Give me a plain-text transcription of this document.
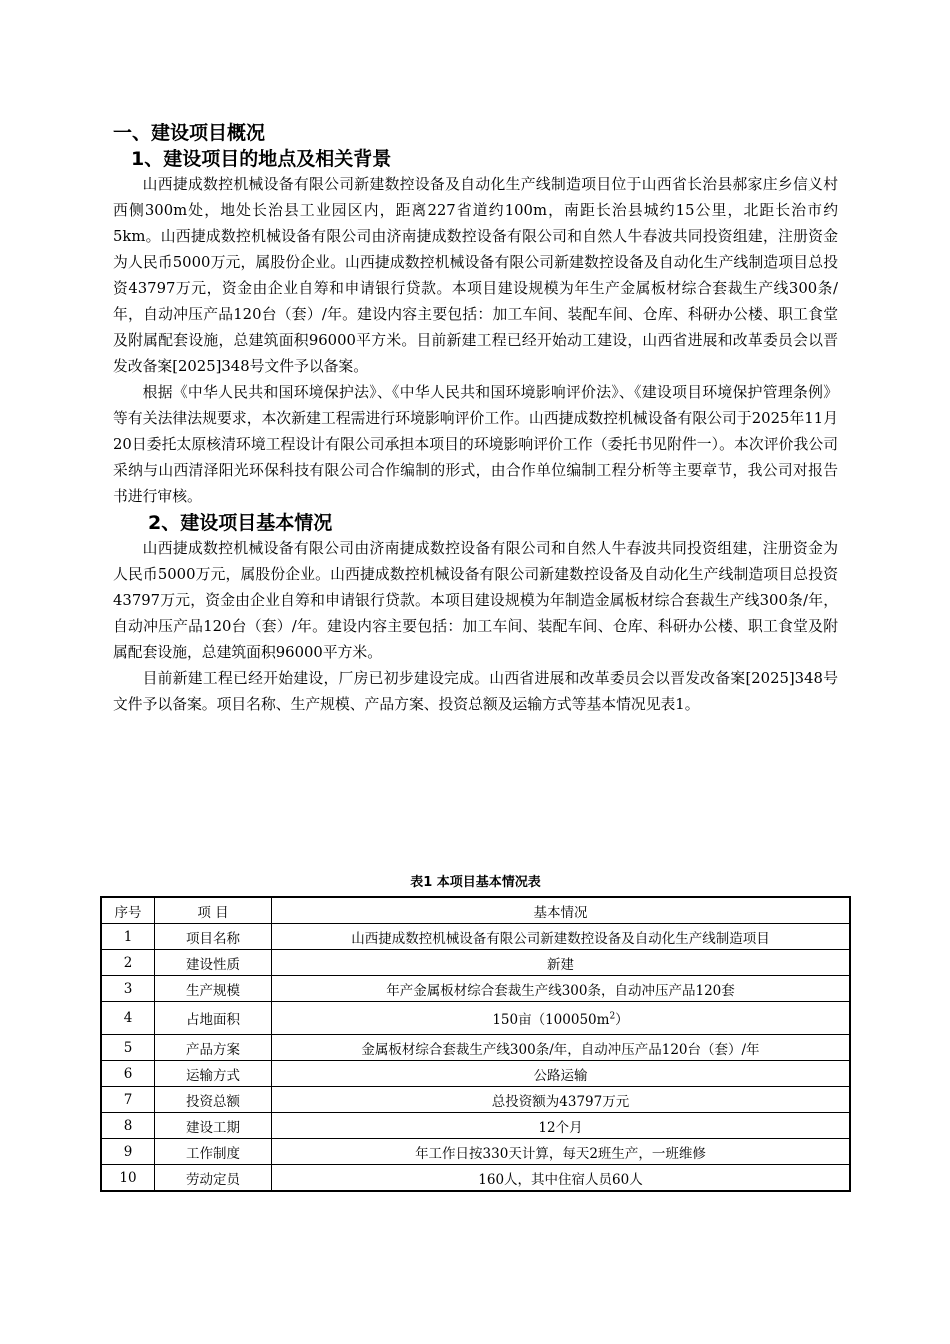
一、建设项目概况
1、建设项目的地点及相关背景

山西捷成数控机械设备有限公司新建数控设备及自动化生产线制造项目位于山西省长治县郝家庄乡信义村西侧300m处，地处长治县工业园区内，距离227省道约100m，南距长治县城约15公里，北距长治市约5km。山西捷成数控机械设备有限公司由济南捷成数控设备有限公司和自然人牛春波共同投资组建，注册资金为人民币5000万元，属股份企业。山西捷成数控机械设备有限公司新建数控设备及自动化生产线制造项目总投资43797万元，资金由企业自筹和申请银行贷款。本项目建设规模为年生产金属板材综合套裁生产线300条/年，自动冲压产品120台（套）/年。建设内容主要包括：加工车间、装配车间、仓库、科研办公楼、职工食堂及附属配套设施，总建筑面积96000平方米。目前新建工程已经开始动工建设，山西省进展和改革委员会以晋发改备案[2025]348号文件予以备案。

根据《中华人民共和国环境保护法》、《中华人民共和国环境影响评价法》、《建设项目环境保护管理条例》等有关法律法规要求，本次新建工程需进行环境影响评价工作。山西捷成数控机械设备有限公司于2025年11月20日委托太原核清环境工程设计有限公司承担本项目的环境影响评价工作（委托书见附件一）。本次评价我公司采纳与山西清泽阳光环保科技有限公司合作编制的形式，由合作单位编制工程分析等主要章节，我公司对报告书进行审核。

2、建设项目基本情况

山西捷成数控机械设备有限公司由济南捷成数控设备有限公司和自然人牛春波共同投资组建，注册资金为人民币5000万元，属股份企业。山西捷成数控机械设备有限公司新建数控设备及自动化生产线制造项目总投资43797万元，资金由企业自筹和申请银行贷款。本项目建设规模为年制造金属板材综合套裁生产线300条/年，自动冲压产品120台（套）/年。建设内容主要包括：加工车间、装配车间、仓库、科研办公楼、职工食堂及附属配套设施，总建筑面积96000平方米。

目前新建工程已经开始建设，厂房已初步建设完成。山西省进展和改革委员会以晋发改备案[2025]348号文件予以备案。项目名称、生产规模、产品方案、投资总额及运输方式等基本情况见表1。

表1 本项目基本情况表
序号	项 目	基本情况
1	项目名称	山西捷成数控机械设备有限公司新建数控设备及自动化生产线制造项目
2	建设性质	新建
3	生产规模	年产金属板材综合套裁生产线300条，自动冲压产品120套
4	占地面积	150亩$(100050m^2)$
5	产品方案	金属板材综合套裁生产线300条/年，自动冲压产品120台（套）/年
6	运输方式	公路运输
7	投资总额	总投资额为43797万元
8	建设工期	12个月
9	工作制度	年工作日按330天计算，每天2班生产，一班维修
10	劳动定员	160人，其中住宿人员60人
